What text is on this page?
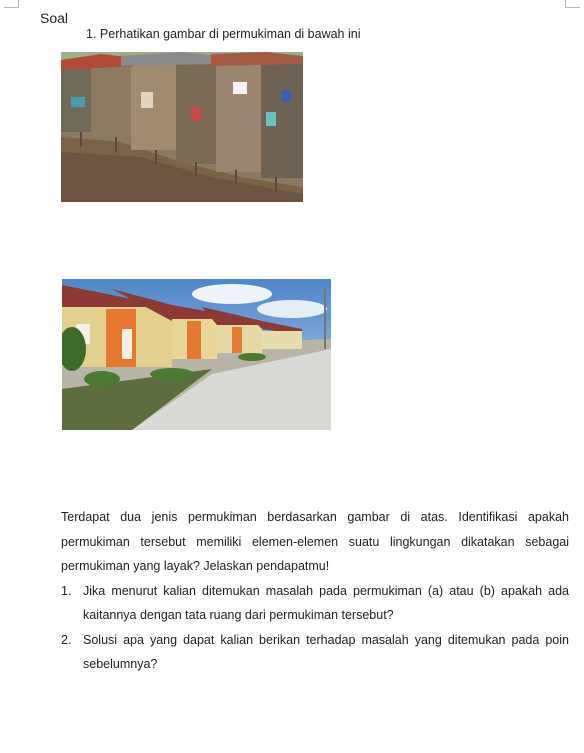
Soal
1. Perhatikan gambar di permukiman di bawah ini

Terdapat dua jenis permukiman berdasarkan gambar di atas. Identifikasi apakah permukiman tersebut memiliki elemen-elemen suatu lingkungan dikatakan sebagai permukiman yang layak? Jelaskan pendapatmu!

1. Jika menurut kalian ditemukan masalah pada permukiman (a) atau (b) apakah ada kaitannya dengan tata ruang dari permukiman tersebut?
2. Solusi apa yang dapat kalian berikan terhadap masalah yang ditemukan pada poin sebelumnya?
